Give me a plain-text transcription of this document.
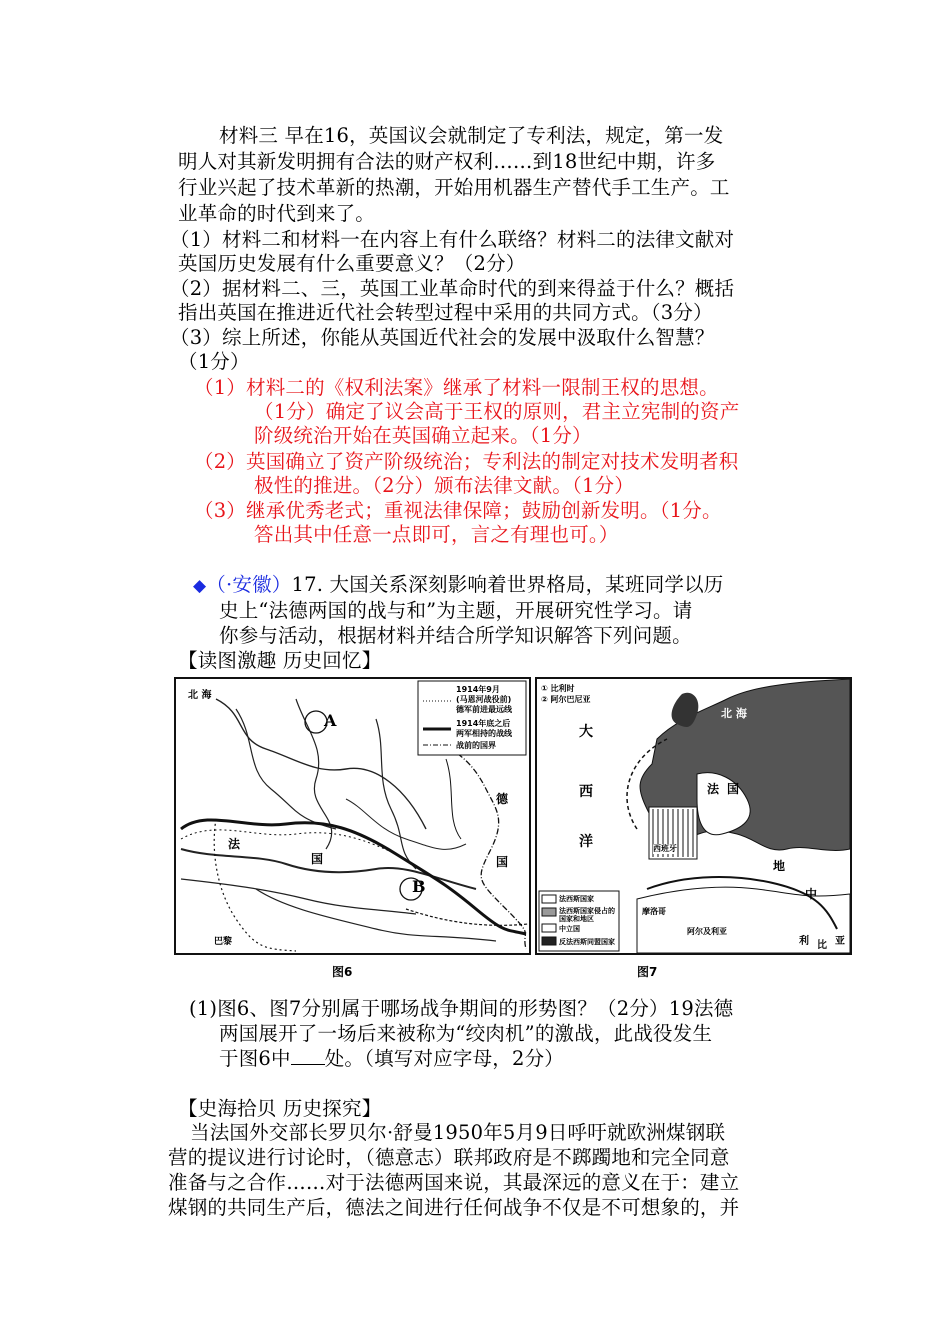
材料三 早在16，英国议会就制定了专利法，规定，第一发
明人对其新发明拥有合法的财产权利……到18世纪中期，许多
行业兴起了技术革新的热潮，开始用机器生产替代手工生产。工
业革命的时代到来了。
（1）材料二和材料一在内容上有什么联络？材料二的法律文献对
英国历史发展有什么重要意义？（2分）
（2）据材料二、三，英国工业革命时代的到来得益于什么？概括
指出英国在推进近代社会转型过程中采用的共同方式。（3分）
（3）综上所述，你能从英国近代社会的发展中汲取什么智慧？
（1分）
（1）材料二的《权利法案》继承了材料一限制王权的思想。
（1分）确定了议会高于王权的原则，君主立宪制的资产
阶级统治开始在英国确立起来。（1分）
（2）英国确立了资产阶级统治；专利法的制定对技术发明者积
极性的推进。（2分）颁布法律文献。（1分）
（3）继承优秀老式；重视法律保障；鼓励创新发明。（1分。
答出其中任意一点即可，言之有理也可。）
◆（·安徽）17. 大国关系深刻影响着世界格局，某班同学以历
史上“法德两国的战与和”为主题，开展研究性学习。请
你参与活动，根据材料并结合所学知识解答下列问题。
【读图激趣 历史回忆】
A
B
北 海
法
国
德
国
巴黎
1914年9月
(马恩河战役前)
德军前进最远线
1914年底之后
两军相持的战线
战前的国界
图6
① 比利时
② 阿尔巴尼亚
大
西
洋
北 海
法 国
西班牙
地
中
摩洛哥
阿尔及利亚
利 比 亚
法西斯国家
法西斯国家侵占的国家和地区
中立国
反法西斯同盟国家
图7
(1)图6、图7分别属于哪场战争期间的形势图？（2分）19法德
两国展开了一场后来被称为“绞肉机”的激战，此战役发生
于图6中 处。（填写对应字母，2分）
【史海拾贝 历史探究】
当法国外交部长罗贝尔·舒曼1950年5月9日呼吁就欧洲煤钢联
营的提议进行讨论时，（德意志）联邦政府是不踯躅地和完全同意
准备与之合作……对于法德两国来说，其最深远的意义在于：建立
煤钢的共同生产后，德法之间进行任何战争不仅是不可想象的，并
